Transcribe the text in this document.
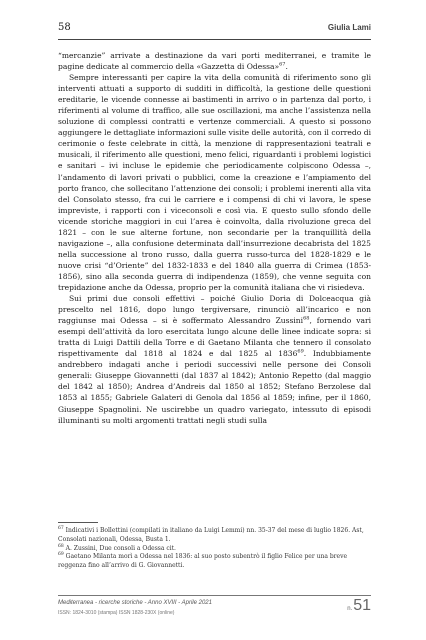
58	Giulia Lami

“mercanzie” arrivate a destinazione da vari porti mediterranei, e tramite le pagine dedicate al commercio della «Gazzetta di Odessa»$^{67}$.

Sempre interessanti per capire la vita della comunità di riferimento sono gli interventi attuati a supporto di sudditi in difficoltà, la gestione delle questioni ereditarie, le vicende connesse ai bastimenti in arrivo o in partenza dal porto, i riferimenti al volume di traffico, alle sue oscillazioni, ma anche l’assistenza nella soluzione di complessi contratti e vertenze commerciali. A questo si possono aggiungere le dettagliate informazioni sulle visite delle autorità, con il corredo di cerimonie o feste celebrate in città, la menzione di rappresentazioni teatrali e musicali, il riferimento alle questioni, meno felici, riguardanti i problemi logistici e sanitari – ivi incluse le epidemie che periodicamente colpiscono Odessa –, l’andamento di lavori privati o pubblici, come la creazione e l’ampiamento del porto franco, che sollecitano l’attenzione dei consoli; i problemi inerenti alla vita del Consolato stesso, fra cui le carriere e i compensi di chi vi lavora, le spese impreviste, i rapporti con i viceconsoli e così via. E questo sullo sfondo delle vicende storiche maggiori in cui l’area è coinvolta, dalla rivoluzione greca del 1821 – con le sue alterne fortune, non secondarie per la tranquillità della navigazione –, alla confusione determinata dall’insurrezione decabrista del 1825 nella successione al trono russo, dalla guerra russo-turca del 1828-1829 e le nuove crisi “d’Oriente” del 1832-1833 e del 1840 alla guerra di Crimea (1853-1856), sino alla seconda guerra di indipendenza (1859), che venne seguita con trepidazione anche da Odessa, proprio per la comunità italiana che vi risiedeva.

Sui primi due consoli effettivi – poiché Giulio Doria di Dolceacqua già prescelto nel 1816, dopo lungo tergiversare, rinunciò all’incarico e non raggiunse mai Odessa – si è soffermato Alessandro Zussini$^{68}$, fornendo vari esempi dell’attività da loro esercitata lungo alcune delle linee indicate sopra: si tratta di Luigi Dattili della Torre e di Gaetano Milanta che tennero il consolato rispettivamente dal 1818 al 1824 e dal 1825 al 1836$^{69}$. Indubbiamente andrebbero indagati anche i periodi successivi nelle persone dei Consoli generali: Giuseppe Giovannetti (dal 1837 al 1842); Antonio Repetto (dal maggio del 1842 al 1850); Andrea d’Andreis dal 1850 al 1852; Stefano Berzolese dal 1853 al 1855; Gabriele Galateri di Genola dal 1856 al 1859; infine, per il 1860, Giuseppe Spagnolini. Ne uscirebbe un quadro variegato, intessuto di episodi illuminanti su molti argomenti trattati negli studi sulla

$^{67}$ Indicativi i Bollettini (compilati in italiano da Luigi Lemmi) nn. 35-37 del mese di luglio 1826. Ast, Consolati nazionali, Odessa, Busta 1.

$^{68}$ A. Zussini, Due consoli a Odessa cit.

$^{69}$ Gaetano Milanta morì a Odessa nel 1836: al suo posto subentrò il figlio Felice per una breve reggenza fino all’arrivo di G. Giovannetti.

Mediterranea - ricerche storiche - Anno XVIII - Aprile 2021
ISSN: 1824-3010 (stampa) ISSN 1828-230X (online)
n. 51
